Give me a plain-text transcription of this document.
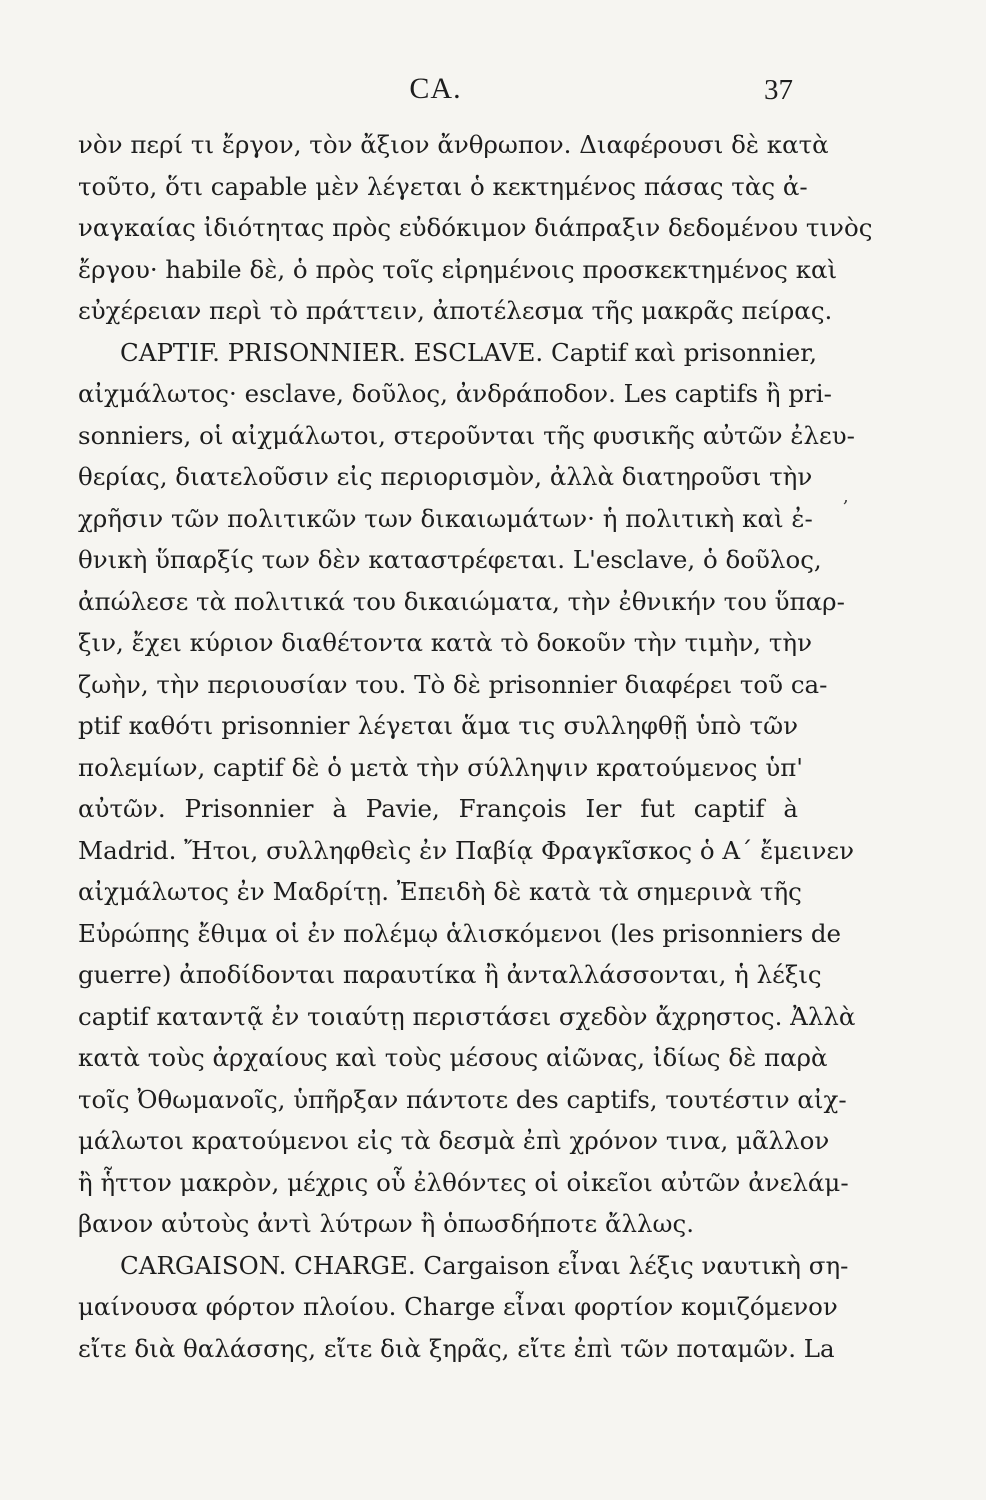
CA.	37
νὸν περί τι ἔργον, τὸν ἄξιον ἄνθρωπον. Διαφέρουσι δὲ κατὰ
τοῦτο, ὅτι capable μὲν λέγεται ὁ κεκτημένος πάσας τὰς ἀ-
ναγκαίας ἰδιότητας πρὸς εὐδόκιμον διάπραξιν δεδομένου τινὸς
ἔργου· habile δὲ, ὁ πρὸς τοῖς εἰρημένοις προσκεκτημένος καὶ
εὐχέρειαν περὶ τὸ πράττειν, ἀποτέλεσμα τῆς μακρᾶς πείρας.
CAPTIF. PRISONNIER. ESCLAVE. Captif καὶ prisonnier,
αἰχμάλωτος· esclave, δοῦλος, ἀνδράποδον. Les captifs ἢ pri-
sonniers, οἱ αἰχμάλωτοι, στεροῦνται τῆς φυσικῆς αὐτῶν ἐλευ-
θερίας, διατελοῦσιν εἰς περιορισμὸν, ἀλλὰ διατηροῦσι τὴν
χρῆσιν τῶν πολιτικῶν των δικαιωμάτων· ἡ πολιτικὴ καὶ ἐ-
θνικὴ ὕπαρξίς των δὲν καταστρέφεται. L'esclave, ὁ δοῦλος,
ἀπώλεσε τὰ πολιτικά του δικαιώματα, τὴν ἐθνικήν του ὕπαρ-
ξιν, ἔχει κύριον διαθέτοντα κατὰ τὸ δοκοῦν τὴν τιμὴν, τὴν
ζωὴν, τὴν περιουσίαν του. Τὸ δὲ prisonnier διαφέρει τοῦ ca-
ptif καθότι prisonnier λέγεται ἅμα τις συλληφθῇ ὑπὸ τῶν
πολεμίων, captif δὲ ὁ μετὰ τὴν σύλληψιν κρατούμενος ὑπ'
αὐτῶν. Prisonnier à Pavie, François Ier fut captif à
Madrid. Ἤτοι, συλληφθεὶς ἐν Παβίᾳ Φραγκῖσκος ὁ Α΄ ἔμεινεν
αἰχμάλωτος ἐν Μαδρίτῃ. Ἐπειδὴ δὲ κατὰ τὰ σημερινὰ τῆς
Εὐρώπης ἔθιμα οἱ ἐν πολέμῳ ἁλισκόμενοι (les prisonniers de
guerre) ἀποδίδονται παραυτίκα ἢ ἀνταλλάσσονται, ἡ λέξις
captif καταντᾷ ἐν τοιαύτῃ περιστάσει σχεδὸν ἄχρηστος. Ἀλλὰ
κατὰ τοὺς ἀρχαίους καὶ τοὺς μέσους αἰῶνας, ἰδίως δὲ παρὰ
τοῖς Ὀθωμανοῖς, ὑπῆρξαν πάντοτε des captifs, τουτέστιν αἰχ-
μάλωτοι κρατούμενοι εἰς τὰ δεσμὰ ἐπὶ χρόνον τινα, μᾶλλον
ἢ ἧττον μακρὸν, μέχρις οὗ ἐλθόντες οἱ οἰκεῖοι αὐτῶν ἀνελάμ-
βανον αὐτοὺς ἀντὶ λύτρων ἢ ὁπωσδήποτε ἄλλως.
CARGAISON. CHARGE. Cargaison εἶναι λέξις ναυτικὴ ση-
μαίνουσα φόρτον πλοίου. Charge εἶναι φορτίον κομιζόμενον
εἴτε διὰ θαλάσσης, εἴτε διὰ ξηρᾶς, εἴτε ἐπὶ τῶν ποταμῶν. La
,
